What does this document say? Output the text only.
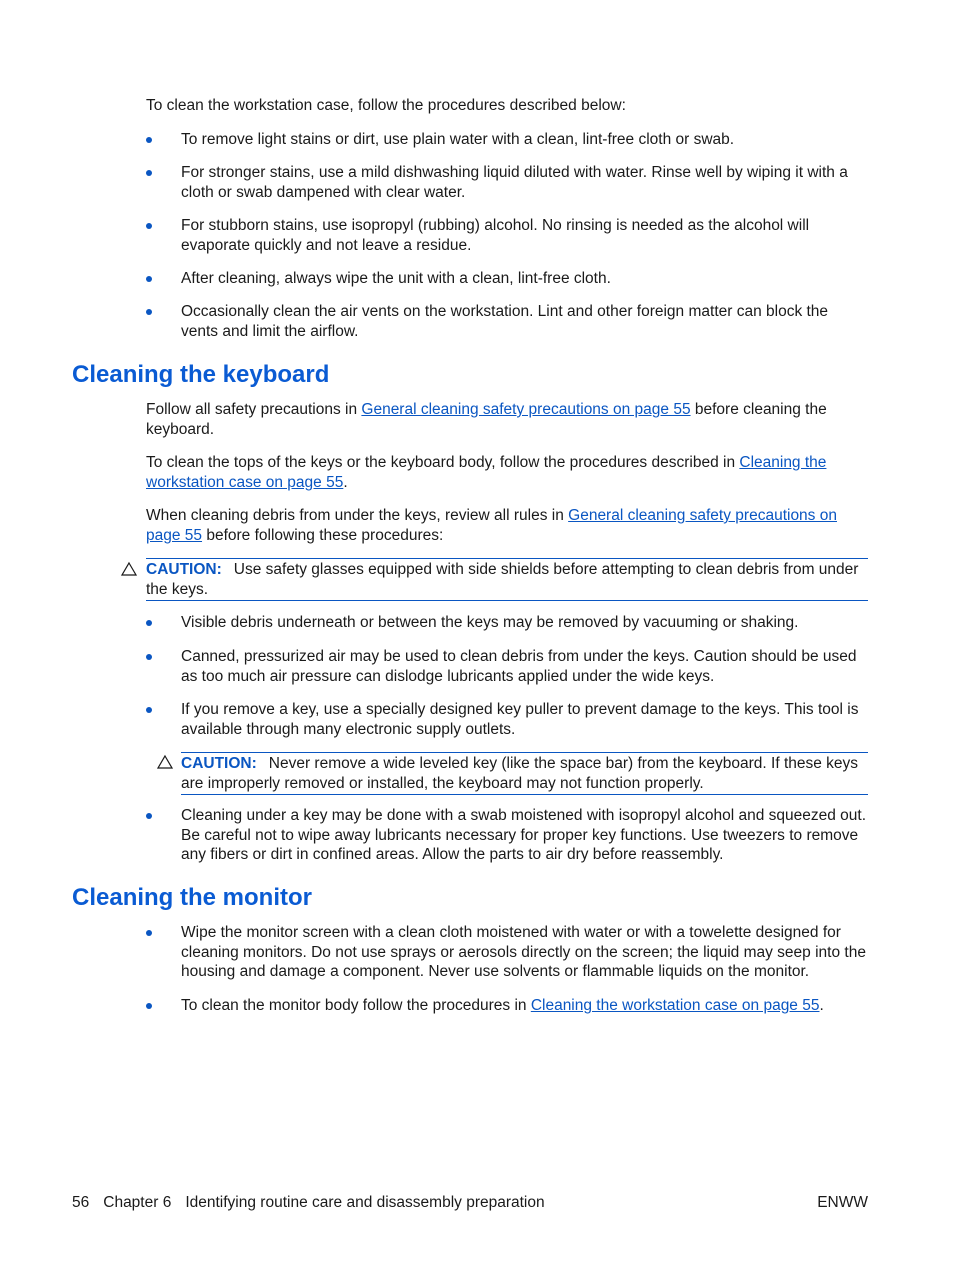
To clean the workstation case, follow the procedures described below:

To remove light stains or dirt, use plain water with a clean, lint-free cloth or swab.
For stronger stains, use a mild dishwashing liquid diluted with water. Rinse well by wiping it with a cloth or swab dampened with clear water.
For stubborn stains, use isopropyl (rubbing) alcohol. No rinsing is needed as the alcohol will evaporate quickly and not leave a residue.
After cleaning, always wipe the unit with a clean, lint-free cloth.
Occasionally clean the air vents on the workstation. Lint and other foreign matter can block the vents and limit the airflow.
Cleaning the keyboard

Follow all safety precautions in General cleaning safety precautions on page 55 before cleaning the keyboard.

To clean the tops of the keys or the keyboard body, follow the procedures described in Cleaning the workstation case on page 55.

When cleaning debris from under the keys, review all rules in General cleaning safety precautions on page 55 before following these procedures:

CAUTION: Use safety glasses equipped with side shields before attempting to clean debris from under the keys.
Visible debris underneath or between the keys may be removed by vacuuming or shaking.
Canned, pressurized air may be used to clean debris from under the keys. Caution should be used as too much air pressure can dislodge lubricants applied under the wide keys.
If you remove a key, use a specially designed key puller to prevent damage to the keys. This tool is available through many electronic supply outlets.
CAUTION: Never remove a wide leveled key (like the space bar) from the keyboard. If these keys are improperly removed or installed, the keyboard may not function properly.
Cleaning under a key may be done with a swab moistened with isopropyl alcohol and squeezed out. Be careful not to wipe away lubricants necessary for proper key functions. Use tweezers to remove any fibers or dirt in confined areas. Allow the parts to air dry before reassembly.
Cleaning the monitor
Wipe the monitor screen with a clean cloth moistened with water or with a towelette designed for cleaning monitors. Do not use sprays or aerosols directly on the screen; the liquid may seep into the housing and damage a component. Never use solvents or flammable liquids on the monitor.
To clean the monitor body follow the procedures in Cleaning the workstation case on page 55.
56 Chapter 6 Identifying routine care and disassembly preparation	ENWW
